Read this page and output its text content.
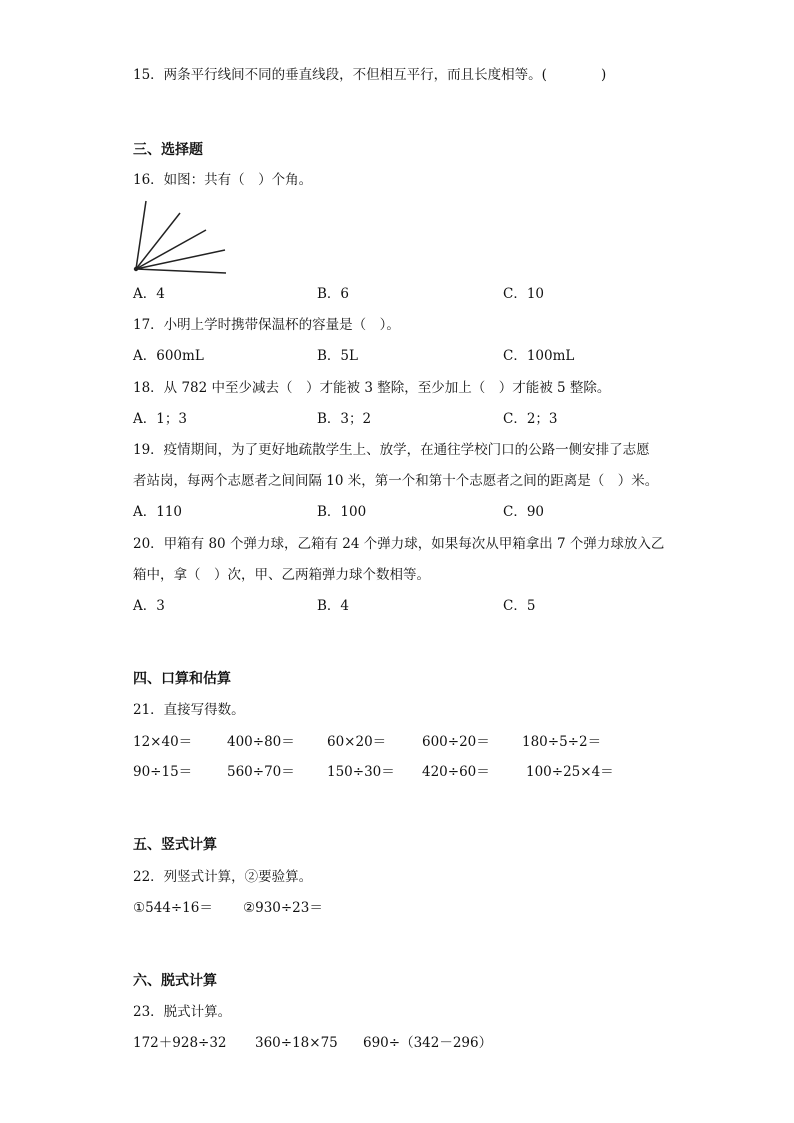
15．两条平行线间不同的垂直线段，不但相互平行，而且长度相等。(　　　　)
三、选择题
16．如图：共有（　）个角。
A．4	B．6	C．10
17．小明上学时携带保温杯的容量是（　）。
A．600mL	B．5L	C．100mL
18．从 782 中至少减去（　）才能被 3 整除，至少加上（　）才能被 5 整除。
A．1；3	B．3；2	C．2；3
19．疫情期间，为了更好地疏散学生上、放学，在通往学校门口的公路一侧安排了志愿
者站岗，每两个志愿者之间间隔 10 米，第一个和第十个志愿者之间的距离是（　）米。
A．110	B．100	C．90
20．甲箱有 80 个弹力球，乙箱有 24 个弹力球，如果每次从甲箱拿出 7 个弹力球放入乙
箱中，拿（　）次，甲、乙两箱弹力球个数相等。
A．3	B．4	C．5
四、口算和估算
21．直接写得数。
12×40＝	400÷80＝ 60×20＝	600÷20＝ 180÷5÷2＝
90÷15＝	560÷70＝ 150÷30＝ 420÷60＝	100÷25×4＝
五、竖式计算
22．列竖式计算，②要验算。
①544÷16＝ ②930÷23＝
六、脱式计算
23．脱式计算。
172＋928÷32 360÷18×75 690÷（342－296）
